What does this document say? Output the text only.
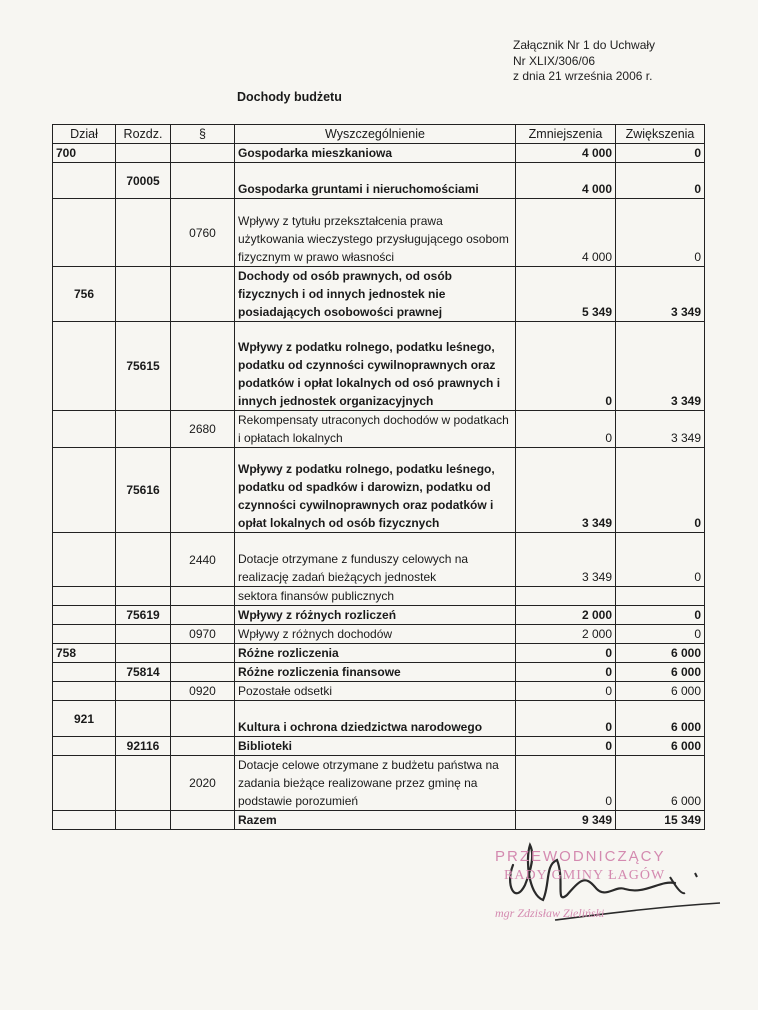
Załącznik Nr 1 do Uchwały
Nr XLIX/306/06
z dnia 21 września 2006 r.
Dochody budżetu
Dział	Rozdz.	§	Wyszczególnienie	Zmniejszenia	Zwiększenia
700			Gospodarka mieszkaniowa	4 000	0
	70005		Gospodarka gruntami i nieruchomościami	4 000	0
		0760	Wpływy z tytułu przekształcenia prawa użytkowania wieczystego przysługującego osobom fizycznym w prawo własności	4 000	0
756			Dochody od osób prawnych, od osób fizycznych i od innych jednostek nie posiadających osobowości prawnej	5 349	3 349
	75615		Wpływy z podatku rolnego, podatku leśnego, podatku od czynności cywilnoprawnych oraz podatków i opłat lokalnych od osó prawnych i innych jednostek organizacyjnych	0	3 349
		2680	Rekompensaty utraconych dochodów w podatkach i opłatach lokalnych	0	3 349
	75616		Wpływy z podatku rolnego, podatku leśnego, podatku od spadków i darowizn, podatku od czynności cywilnoprawnych oraz podatków i opłat lokalnych od osób fizycznych	3 349	0
		2440	Dotacje otrzymane z funduszy celowych na realizację zadań bieżących jednostek	3 349	0
			sektora finansów publicznych		
	75619		Wpływy z różnych rozliczeń	2 000	0
		0970	Wpływy z różnych dochodów	2 000	0
758			Różne rozliczenia	0	6 000
	75814		Różne rozliczenia finansowe	0	6 000
		0920	Pozostałe odsetki	0	6 000
921			Kultura i ochrona dziedzictwa narodowego	0	6 000
	92116		Biblioteki	0	6 000
		2020	Dotacje celowe otrzymane z budżetu państwa na zadania bieżące realizowane przez gminę na podstawie porozumień	0	6 000
			Razem	9 349	15 349
PRZEWODNICZĄCY
RADY GMINY ŁAGÓW
mgr Zdzisław Zieliński
